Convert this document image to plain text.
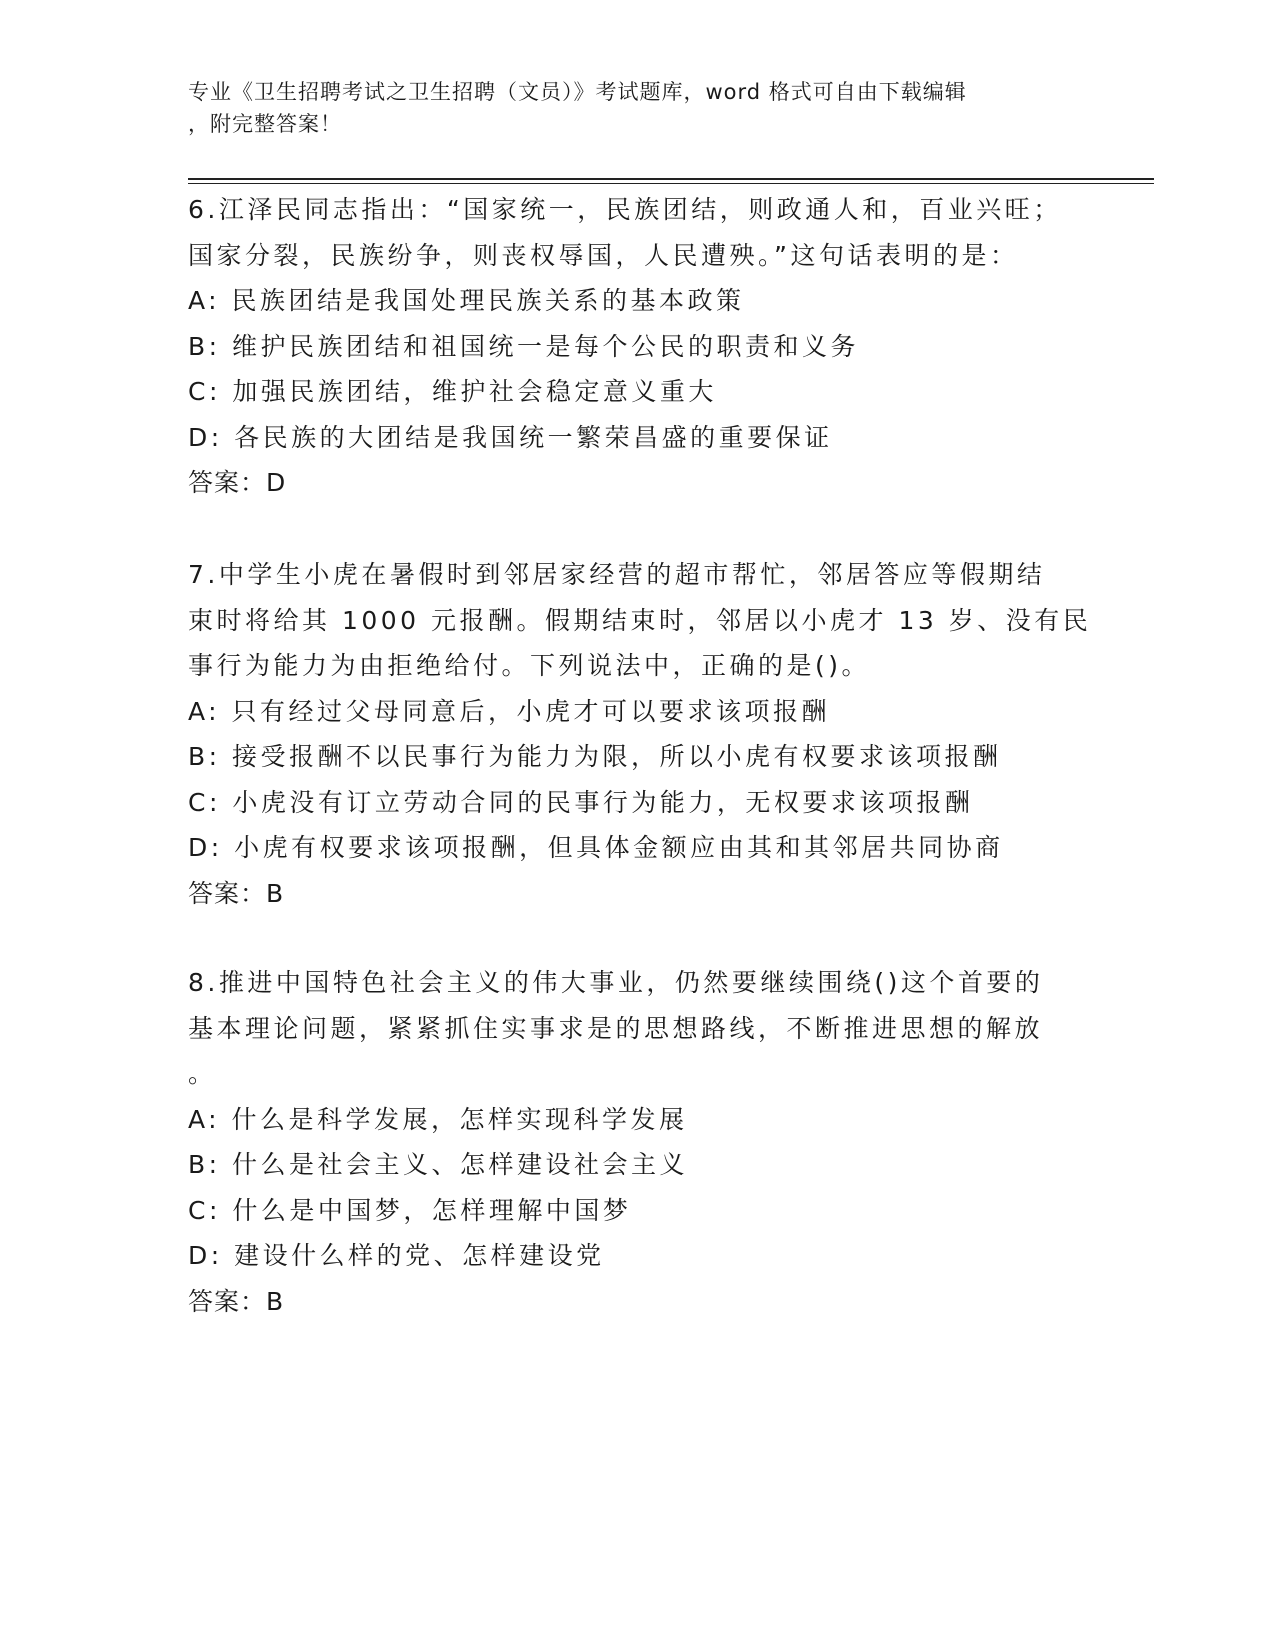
专业《卫生招聘考试之卫生招聘（文员）》考试题库，word 格式可自由下载编辑
，附完整答案！
6.江泽民同志指出：“国家统一，民族团结，则政通人和，百业兴旺；
国家分裂，民族纷争，则丧权辱国，人民遭殃。”这句话表明的是：
A: 民族团结是我国处理民族关系的基本政策
B: 维护民族团结和祖国统一是每个公民的职责和义务
C: 加强民族团结，维护社会稳定意义重大
D: 各民族的大团结是我国统一繁荣昌盛的重要保证
答案：D
7.中学生小虎在暑假时到邻居家经营的超市帮忙，邻居答应等假期结
束时将给其 1000 元报酬。假期结束时，邻居以小虎才 13 岁、没有民
事行为能力为由拒绝给付。下列说法中，正确的是()。
A: 只有经过父母同意后，小虎才可以要求该项报酬
B: 接受报酬不以民事行为能力为限，所以小虎有权要求该项报酬
C: 小虎没有订立劳动合同的民事行为能力，无权要求该项报酬
D: 小虎有权要求该项报酬，但具体金额应由其和其邻居共同协商
答案：B
8.推进中国特色社会主义的伟大事业，仍然要继续围绕()这个首要的
基本理论问题，紧紧抓住实事求是的思想路线，不断推进思想的解放
。
A: 什么是科学发展，怎样实现科学发展
B: 什么是社会主义、怎样建设社会主义
C: 什么是中国梦，怎样理解中国梦
D: 建设什么样的党、怎样建设党
答案：B
